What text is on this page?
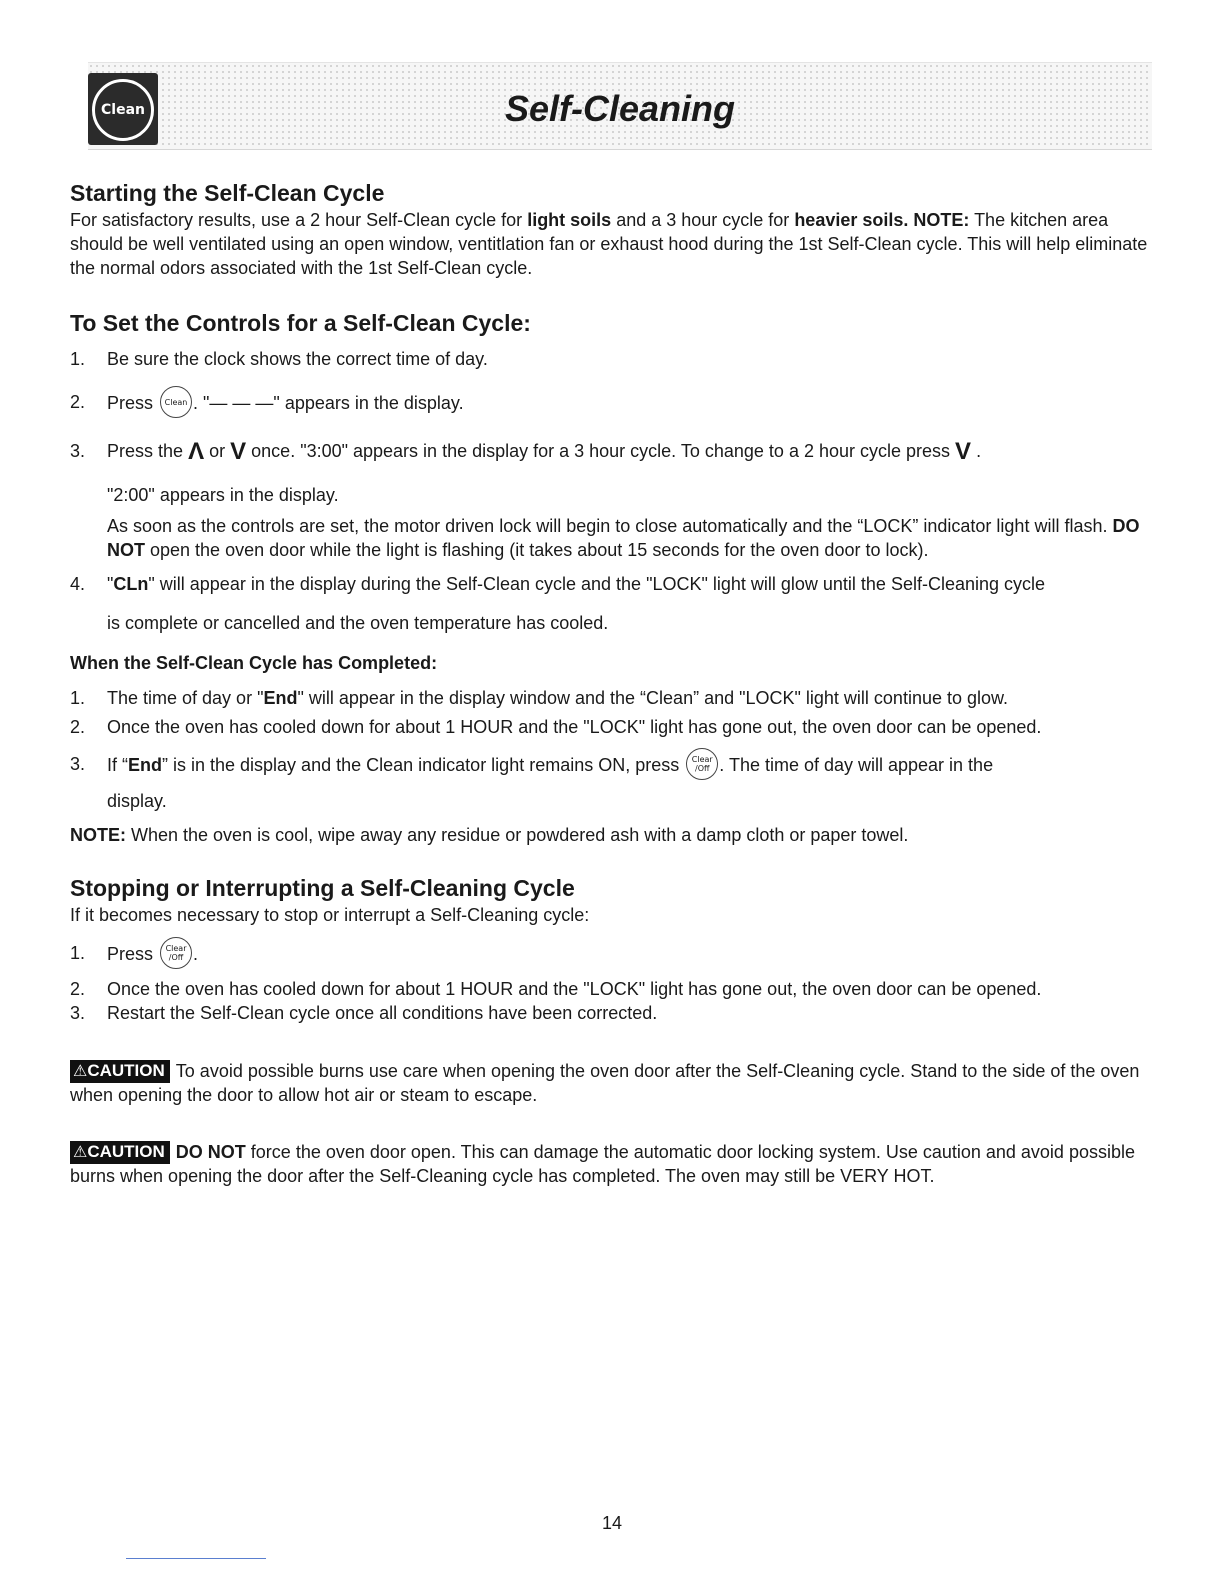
Clean	Self-Cleaning
Starting the Self-Clean Cycle

For satisfactory results, use a 2 hour Self-Clean cycle for light soils and a 3 hour cycle for heavier soils. NOTE: The kitchen area should be well ventilated using an open window, ventitlation fan or exhaust hood during the 1st Self-Clean cycle. This will help eliminate the normal odors associated with the 1st Self-Clean cycle.

To Set the Controls for a Self-Clean Cycle:
1.	Be sure the clock shows the correct time of day.
2.	Press Clean . "— — —" appears in the display.
3.	Press the Λ or V once. "3:00" appears in the display for a 3 hour cycle. To change to a 2 hour cycle press V .

"2:00" appears in the display.

As soon as the controls are set, the motor driven lock will begin to close automatically and the “LOCK” indicator light will flash. DO NOT open the oven door while the light is flashing (it takes about 15 seconds for the oven door to lock).

4.	"CLn" will appear in the display during the Self-Clean cycle and the "LOCK" light will glow until the Self-Cleaning cycle

is complete or cancelled and the oven temperature has cooled.

When the Self-Clean Cycle has Completed:
1.	The time of day or "End" will appear in the display window and the “Clean” and "LOCK" light will continue to glow.
2.	Once the oven has cooled down for about 1 HOUR and the "LOCK" light has gone out, the oven door can be opened.
3.	If “End” is in the display and the Clean indicator light remains ON, press Clear
/Off . The time of day will appear in the

display.

NOTE: When the oven is cool, wipe away any residue or powdered ash with a damp cloth or paper towel.

Stopping or Interrupting a Self-Cleaning Cycle

If it becomes necessary to stop or interrupt a Self-Cleaning cycle:

1.	Press Clear
/Off .
2.	Once the oven has cooled down for about 1 HOUR and the "LOCK" light has gone out, the oven door can be opened.
3.	Restart the Self-Clean cycle once all conditions have been corrected.

⚠CAUTION To avoid possible burns use care when opening the oven door after the Self-Cleaning cycle. Stand to the side of the oven when opening the door to allow hot air or steam to escape.

⚠CAUTION DO NOT force the oven door open. This can damage the automatic door locking system. Use caution and avoid possible burns when opening the door after the Self-Cleaning cycle has completed. The oven may still be VERY HOT.

14
